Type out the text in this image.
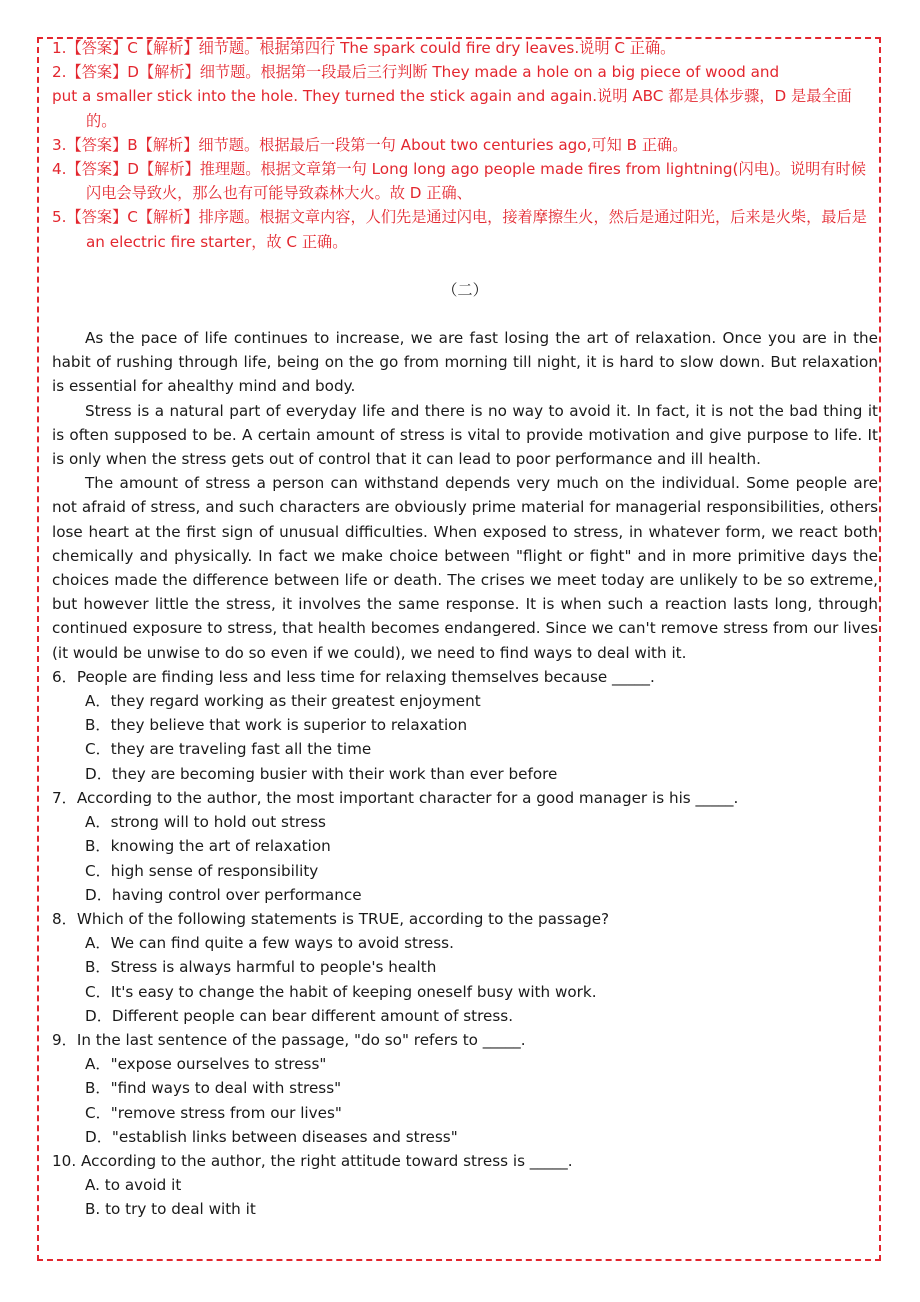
1.【答案】C【解析】细节题。根据第四行 The spark could fire dry leaves.说明 C 正确。

2.【答案】D【解析】细节题。根据第一段最后三行判断 They made a hole on a big piece of wood and

put a smaller stick into the hole. They turned the stick again and again.说明 ABC 都是具体步骤，D 是最全面的。

3.【答案】B【解析】细节题。根据最后一段第一句 About two centuries ago,可知 B 正确。

4.【答案】D【解析】推理题。根据文章第一句 Long long ago people made fires from lightning(闪电)。说明有时候闪电会导致火，那么也有可能导致森林大火。故 D 正确、

5.【答案】C【解析】排序题。根据文章内容，人们先是通过闪电，接着摩擦生火，然后是通过阳光，后来是火柴，最后是 an electric fire starter，故 C 正确。

（二）

As the pace of life continues to increase, we are fast losing the art of relaxation. Once you are in the habit of rushing through life, being on the go from morning till night, it is hard to slow down. But relaxation is essential for ahealthy mind and body.

Stress is a natural part of everyday life and there is no way to avoid it. In fact, it is not the bad thing it is often supposed to be. A certain amount of stress is vital to provide motivation and give purpose to life. It is only when the stress gets out of control that it can lead to poor performance and ill health.

The amount of stress a person can withstand depends very much on the individual. Some people are not afraid of stress, and such characters are obviously prime material for managerial responsibilities, others lose heart at the first sign of unusual difficulties. When exposed to stress, in whatever form, we react both chemically and physically. In fact we make choice between "flight or fight" and in more primitive days the choices made the difference between life or death. The crises we meet today are unlikely to be so extreme, but however little the stress, it involves the same response. It is when such a reaction lasts long, through continued exposure to stress, that health becomes endangered. Since we can't remove stress from our lives (it would be unwise to do so even if we could), we need to find ways to deal with it.

6．People are finding less and less time for relaxing themselves because _____.

A．they regard working as their greatest enjoyment

B．they believe that work is superior to relaxation

C．they are traveling fast all the time

D．they are becoming busier with their work than ever before

7．According to the author, the most important character for a good manager is his _____.

A．strong will to hold out stress

B．knowing the art of relaxation

C．high sense of responsibility

D．having control over performance

8．Which of the following statements is TRUE, according to the passage?

A．We can find quite a few ways to avoid stress.

B．Stress is always harmful to people's health

C．It's easy to change the habit of keeping oneself busy with work.

D．Different people can bear different amount of stress.

9．In the last sentence of the passage, "do so" refers to _____.

A．"expose ourselves to stress"

B．"find ways to deal with stress"

C．"remove stress from our lives"

D．"establish links between diseases and stress"

10. According to the author, the right attitude toward stress is _____.

A. to avoid it

B. to try to deal with it
